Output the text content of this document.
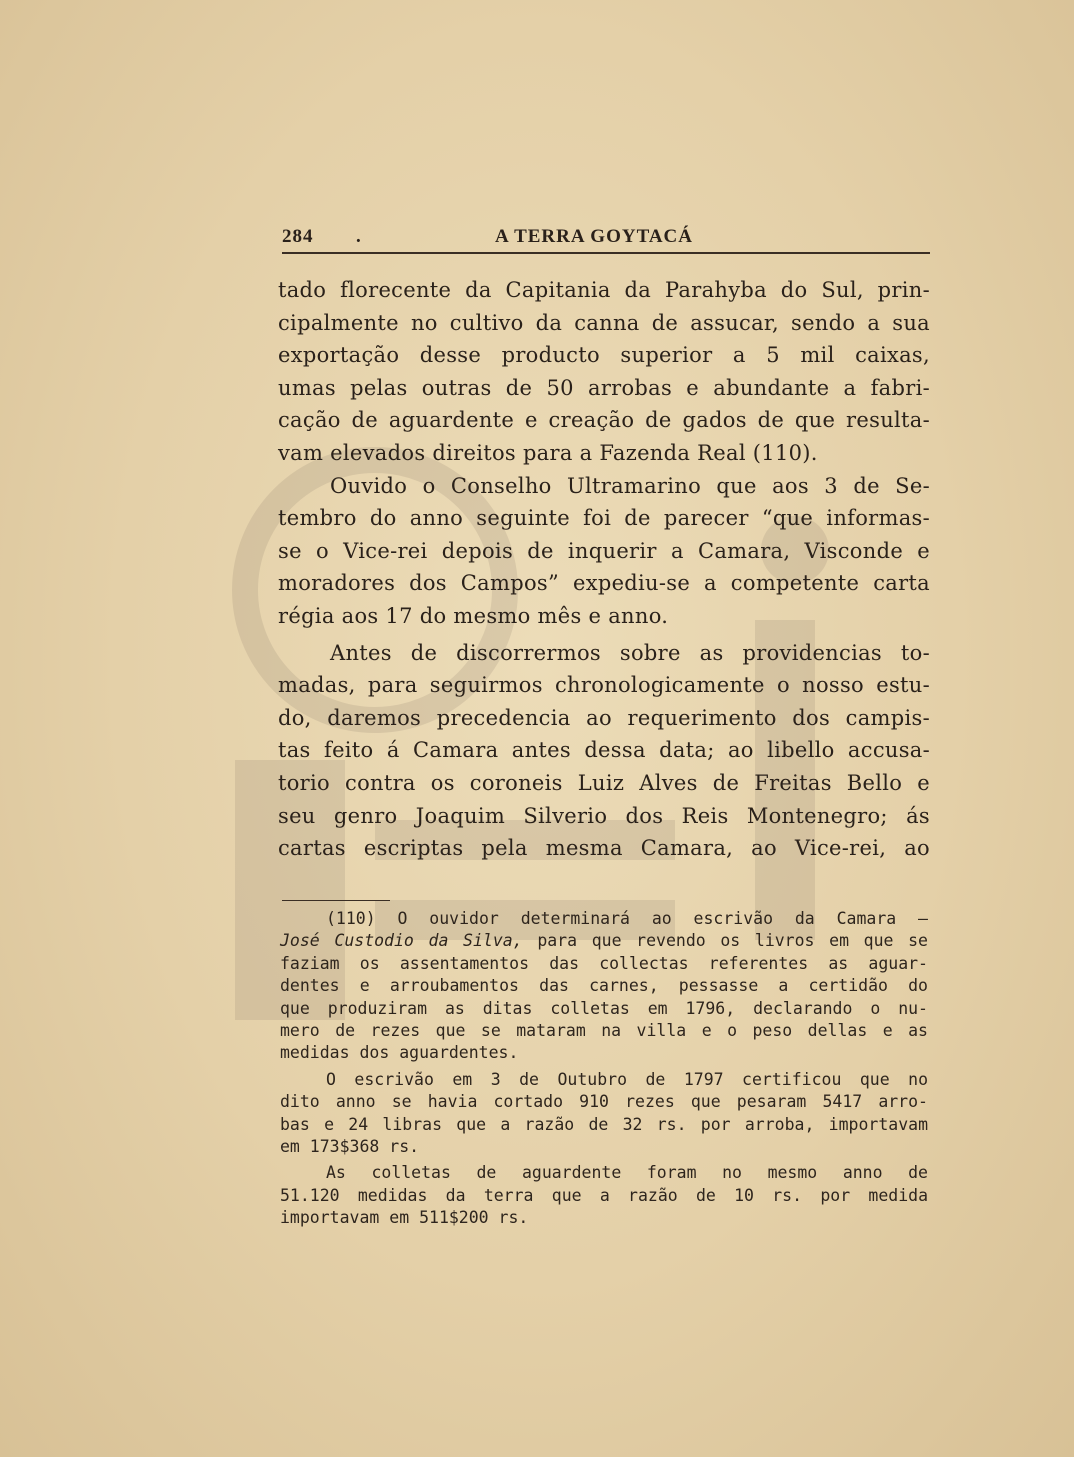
284 .	A TERRA GOYTACÁ
tado florecente da Capitania da Parahyba do Sul, prin-
cipalmente no cultivo da canna de assucar, sendo a sua
exportação desse producto superior a 5 mil caixas,
umas pelas outras de 50 arrobas e abundante a fabri-
cação de aguardente e creação de gados de que resulta-
vam elevados direitos para a Fazenda Real (110).
Ouvido o Conselho Ultramarino que aos 3 de Se-
tembro do anno seguinte foi de parecer “que informas-
se o Vice-rei depois de inquerir a Camara, Visconde e
moradores dos Campos” expediu-se a competente carta
régia aos 17 do mesmo mês e anno.
Antes de discorrermos sobre as providencias to-
madas, para seguirmos chronologicamente o nosso estu-
do, daremos precedencia ao requerimento dos campis-
tas feito á Camara antes dessa data; ao libello accusa-
torio contra os coroneis Luiz Alves de Freitas Bello e
seu genro Joaquim Silverio dos Reis Montenegro; ás
cartas escriptas pela mesma Camara, ao Vice-rei, ao
(110) O ouvidor determinará ao escrivão da Camara —
José Custodio da Silva, para que revendo os livros em que se
faziam os assentamentos das collectas referentes as aguar-
dentes e arroubamentos das carnes, pessasse a certidão do
que produziram as ditas colletas em 1796, declarando o nu-
mero de rezes que se mataram na villa e o peso dellas e as
medidas dos aguardentes.
O escrivão em 3 de Outubro de 1797 certificou que no
dito anno se havia cortado 910 rezes que pesaram 5417 arro-
bas e 24 libras que a razão de 32 rs. por arroba, importavam
em 173$368 rs.
As colletas de aguardente foram no mesmo anno de
51.120 medidas da terra que a razão de 10 rs. por medida
importavam em 511$200 rs.
